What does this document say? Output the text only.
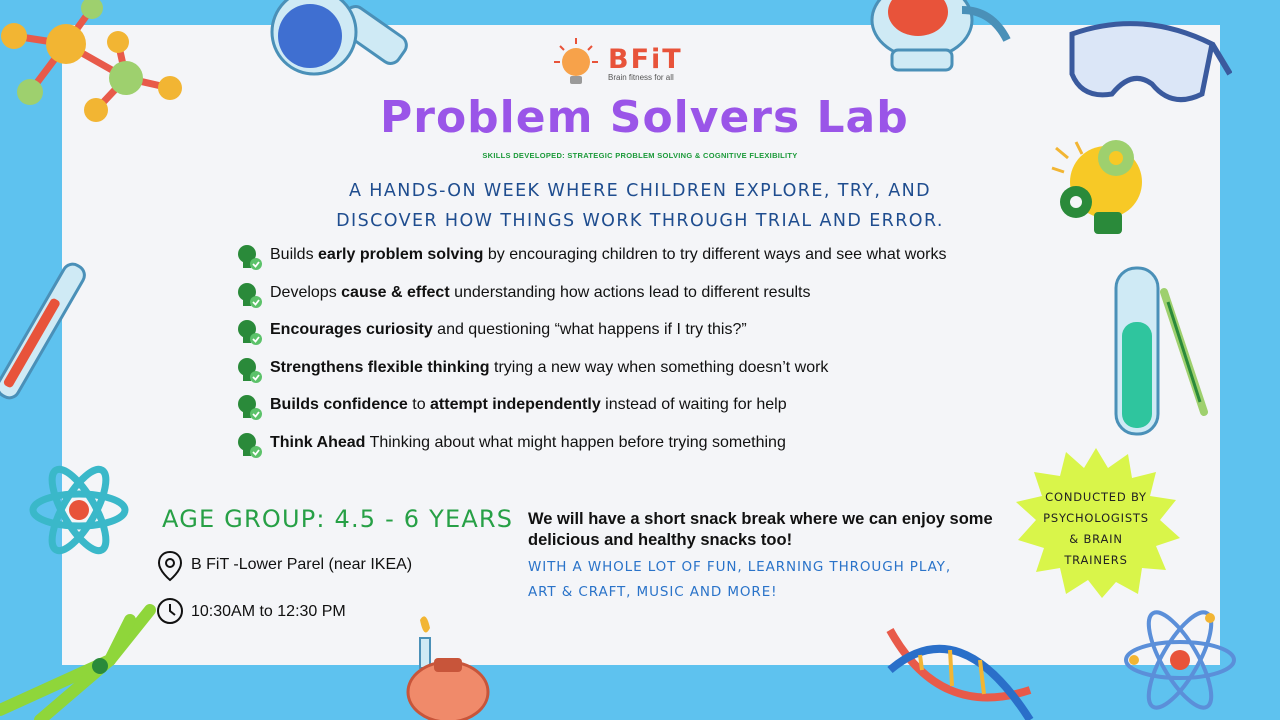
BFiT
Brain fitness for all
Problem Solvers Lab
SKILLS DEVELOPED: STRATEGIC PROBLEM SOLVING & COGNITIVE FLEXIBILITY
A HANDS-ON WEEK WHERE CHILDREN EXPLORE, TRY, AND
DISCOVER HOW THINGS WORK THROUGH TRIAL AND ERROR.
Builds early problem solving by encouraging children to try different ways and see what works
Develops cause & effect understanding how actions lead to different results
Encourages curiosity and questioning “what happens if I try this?”
Strengthens flexible thinking trying a new way when something doesn’t work
Builds confidence to attempt independently instead of waiting for help
Think Ahead Thinking about what might happen before trying something
AGE GROUP: 4.5 - 6 YEARS
B FiT -Lower Parel (near IKEA)
10:30AM to 12:30 PM
We will have a short snack break where we can enjoy some delicious and healthy snacks too!
WITH A WHOLE LOT OF FUN, LEARNING THROUGH PLAY,
ART & CRAFT, MUSIC AND MORE!
CONDUCTED BY
PSYCHOLOGISTS
& BRAIN
TRAINERS
